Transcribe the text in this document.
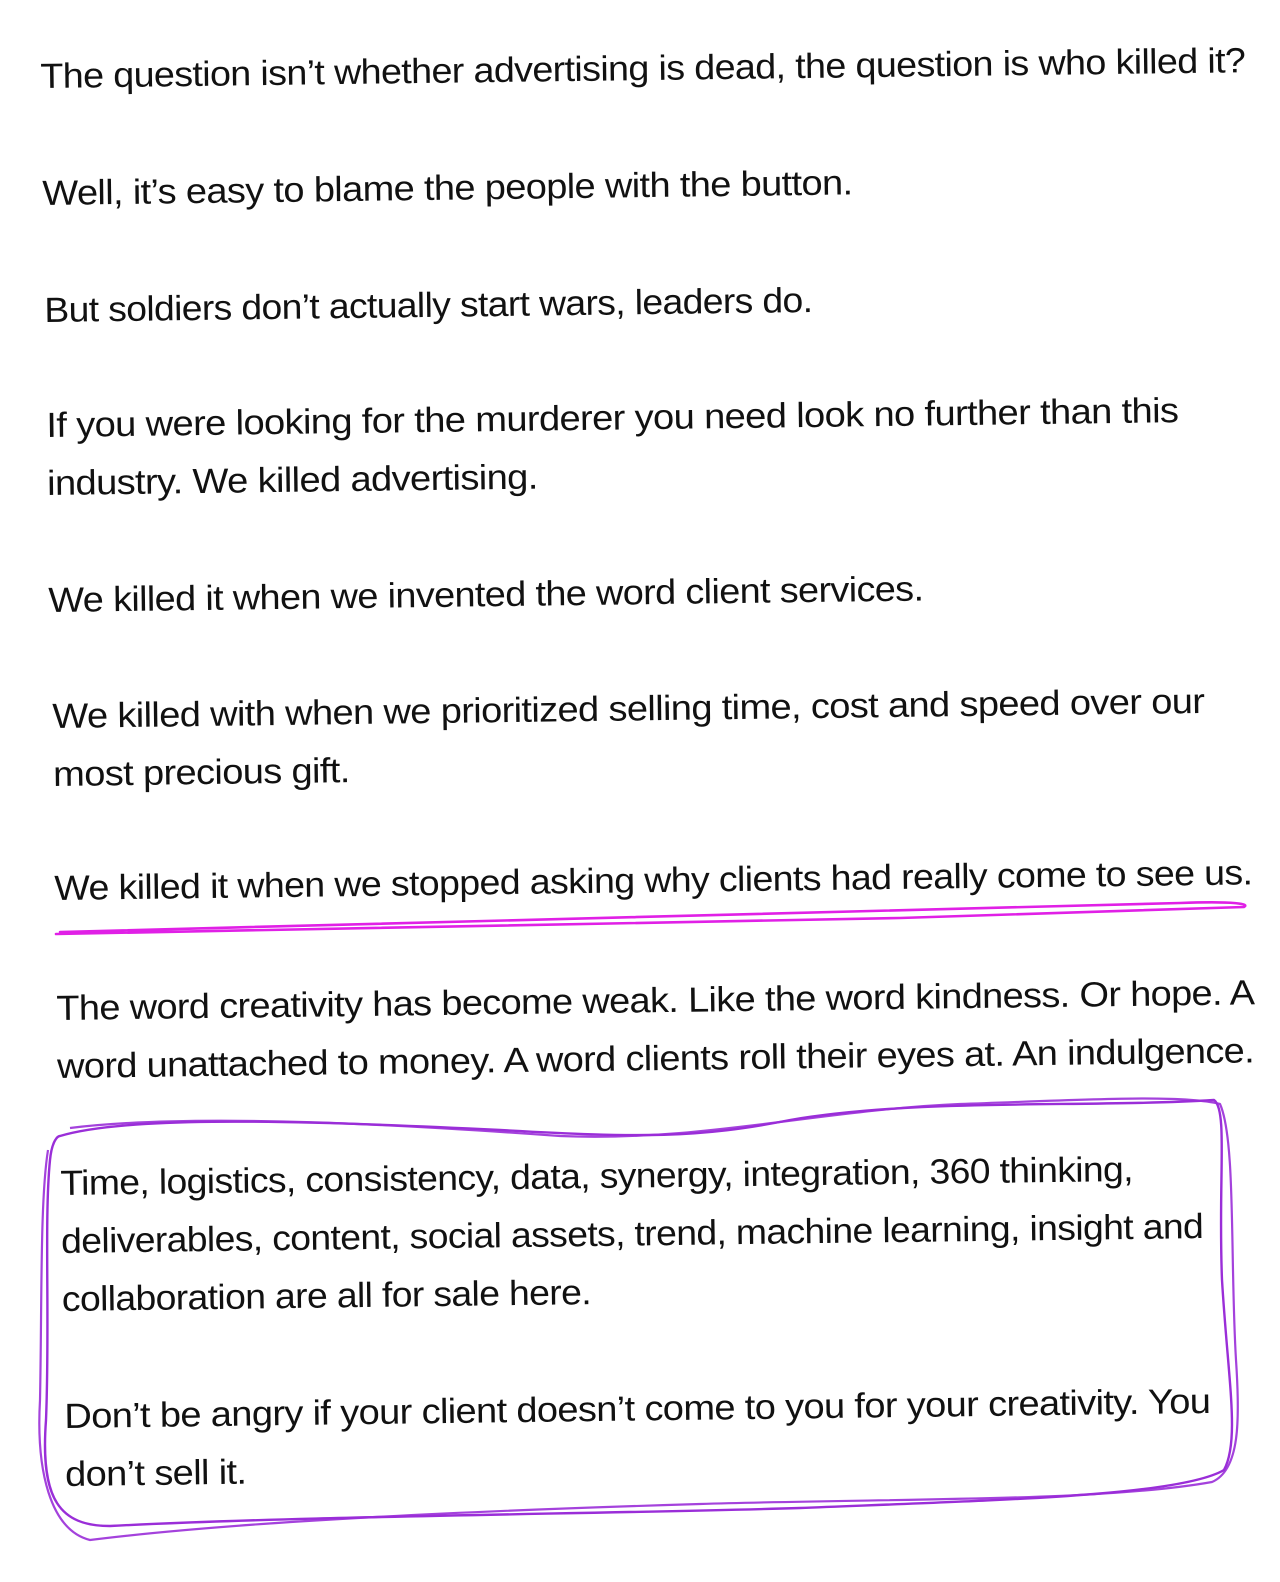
The question isn’t whether advertising is dead, the question is who killed it?

Well, it’s easy to blame the people with the button.

But soldiers don’t actually start wars, leaders do.

If you were looking for the murderer you need look no further than this
industry. We killed advertising.

We killed it when we invented the word client services.

We killed with when we prioritized selling time, cost and speed over our
most precious gift.

We killed it when we stopped asking why clients had really come to see us.

The word creativity has become weak. Like the word kindness. Or hope. A
word unattached to money. A word clients roll their eyes at. An indulgence.

Time, logistics, consistency, data, synergy, integration, 360 thinking,
deliverables, content, social assets, trend, machine learning, insight and
collaboration are all for sale here.

Don’t be angry if your client doesn’t come to you for your creativity. You
don’t sell it.
